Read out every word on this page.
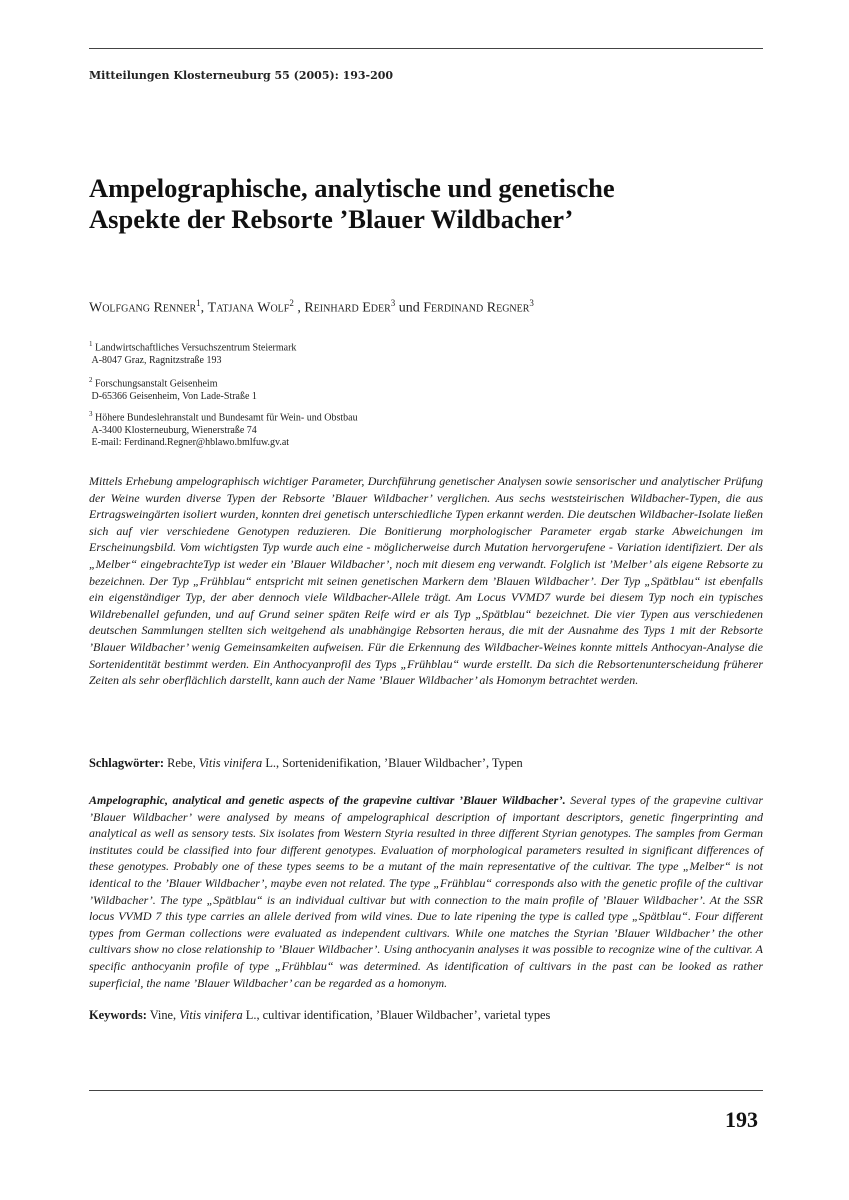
Mitteilungen Klosterneuburg 55 (2005): 193-200
Ampelographische, analytische und genetische
Aspekte der Rebsorte ’Blauer Wildbacher’
Wolfgang Renner$^1$, Tatjana Wolf$^2$ , Reinhard Eder$^3$ und Ferdinand Regner$^3$
$^1$ Landwirtschaftliches Versuchszentrum Steiermark
A-8047 Graz, Ragnitzstraße 193
$^2$ Forschungsanstalt Geisenheim
D-65366 Geisenheim, Von Lade-Straße 1
$^3$ Höhere Bundeslehranstalt und Bundesamt für Wein- und Obstbau
A-3400 Klosterneuburg, Wienerstraße 74
E-mail: Ferdinand.Regner@hblawo.bmlfuw.gv.at

Mittels Erhebung ampelographisch wichtiger Parameter, Durchführung genetischer Analysen sowie sensorischer und analytischer Prüfung der Weine wurden diverse Typen der Rebsorte ’Blauer Wildbacher’ verglichen. Aus sechs weststeirischen Wildbacher-Typen, die aus Ertragsweingärten isoliert wurden, konnten drei genetisch unterschiedliche Typen erkannt werden. Die deutschen Wildbacher-Isolate ließen sich auf vier verschiedene Genotypen reduzieren. Die Bonitierung morphologischer Parameter ergab starke Abweichungen im Erscheinungsbild. Vom wichtigsten Typ wurde auch eine - möglicherweise durch Mutation hervorgerufene - Variation identifiziert. Der als „Melber“ eingebrachteTyp ist weder ein ’Blauer Wildbacher’, noch mit diesem eng verwandt. Folglich ist ’Melber’ als eigene Rebsorte zu bezeichnen. Der Typ „Frühblau“ entspricht mit seinen genetischen Markern dem ’Blauen Wildbacher’. Der Typ „Spätblau“ ist ebenfalls ein eigenständiger Typ, der aber dennoch viele Wildbacher-Allele trägt. Am Locus VVMD7 wurde bei diesem Typ noch ein typisches Wildrebenallel gefunden, und auf Grund seiner späten Reife wird er als Typ „Spätblau“ bezeichnet. Die vier Typen aus verschiedenen deutschen Sammlungen stellten sich weitgehend als unabhängige Rebsorten heraus, die mit der Ausnahme des Typs 1 mit der Rebsorte ’Blauer Wildbacher’ wenig Gemeinsamkeiten aufweisen. Für die Erkennung des Wildbacher-Weines konnte mittels Anthocyan-Analyse die Sortenidentität bestimmt werden. Ein Anthocyanprofil des Typs „Frühblau“ wurde erstellt. Da sich die Rebsortenunterscheidung früherer Zeiten als sehr oberflächlich darstellt, kann auch der Name ’Blauer Wildbacher’ als Homonym betrachtet werden.

Schlagwörter: Rebe, Vitis vinifera L., Sortenidenifikation, ’Blauer Wildbacher’, Typen

Ampelographic, analytical and genetic aspects of the grapevine cultivar ’Blauer Wildbacher’. Several types of the grapevine cultivar ’Blauer Wildbacher’ were analysed by means of ampelographical description of important descriptors, genetic fingerprinting and analytical as well as sensory tests. Six isolates from Western Styria resulted in three different Styrian genotypes. The samples from German institutes could be classified into four different genotypes. Evaluation of morphological parameters resulted in significant differences of these genotypes. Probably one of these types seems to be a mutant of the main representative of the cultivar. The type „Melber“ is not identical to the ’Blauer Wildbacher’, maybe even not related. The type „Frühblau“ corresponds also with the genetic profile of the cultivar ’Wildbacher’. The type „Spätblau“ is an individual cultivar but with connection to the main profile of ’Blauer Wildbacher’. At the SSR locus VVMD 7 this type carries an allele derived from wild vines. Due to late ripening the type is called type „Spätblau“. Four different types from German collections were evaluated as independent cultivars. While one matches the Styrian ’Blauer Wildbacher’ the other cultivars show no close relationship to ’Blauer Wildbacher’. Using anthocyanin analyses it was possible to recognize wine of the cultivar. A specific anthocyanin profile of type „Frühblau“ was determined. As identification of cultivars in the past can be looked as rather superficial, the name ’Blauer Wildbacher’ can be regarded as a homonym.

Keywords: Vine, Vitis vinifera L., cultivar identification, ’Blauer Wildbacher’, varietal types
193
